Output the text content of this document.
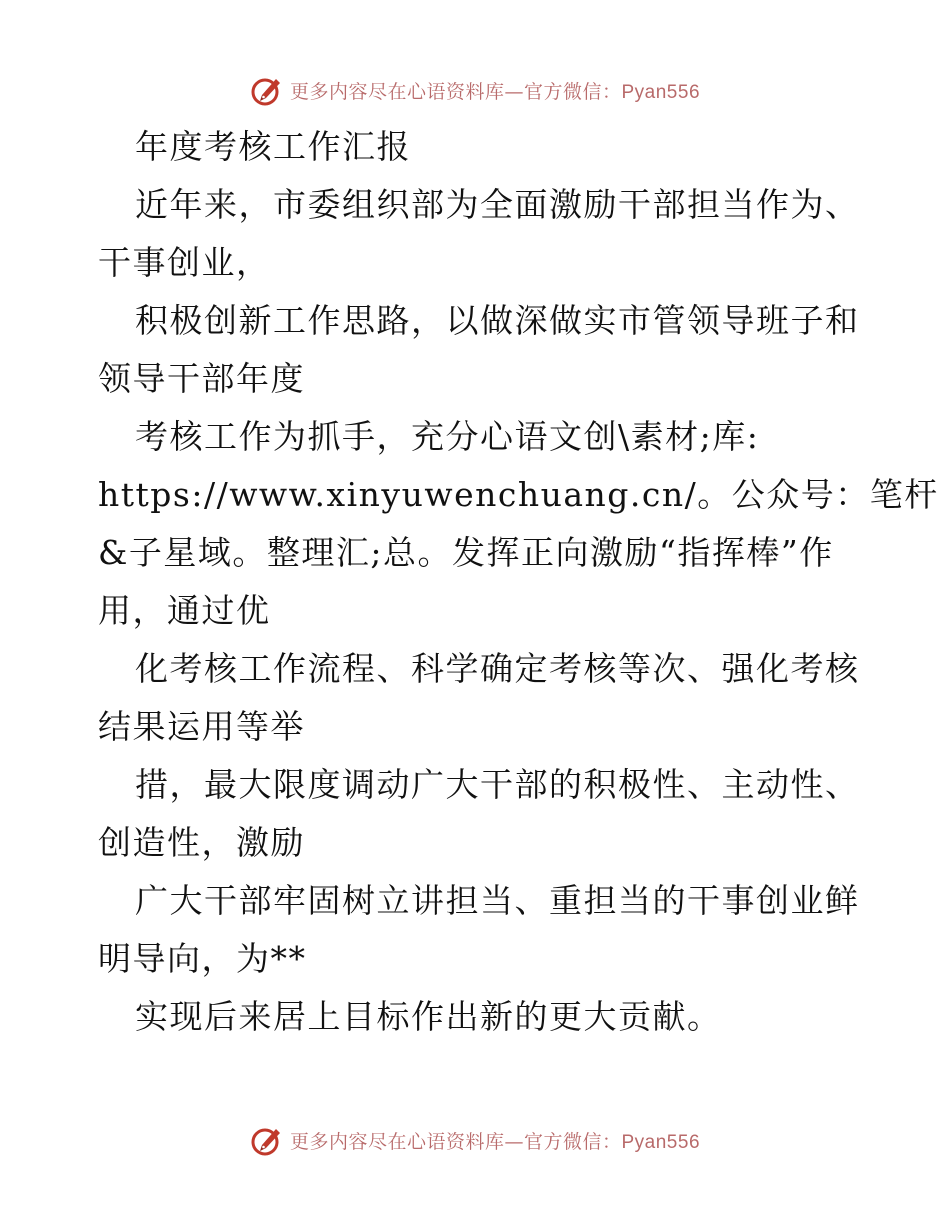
更多内容尽在心语资料库—官方微信：Pyan556

年度考核工作汇报

近年来，市委组织部为全面激励干部担当作为、

干事创业，

积极创新工作思路，以做深做实市管领导班子和

领导干部年度

考核工作为抓手，充分心语文创\素材;库:

https://www.xinyuwenchuang.cn/。公众号：笔杆

&子星域。整理汇;总。发挥正向激励“指挥棒”作

用，通过优

化考核工作流程、科学确定考核等次、强化考核

结果运用等举

措，最大限度调动广大干部的积极性、主动性、

创造性，激励

广大干部牢固树立讲担当、重担当的干事创业鲜

明导向，为**

实现后来居上目标作出新的更大贡献。

更多内容尽在心语资料库—官方微信：Pyan556
